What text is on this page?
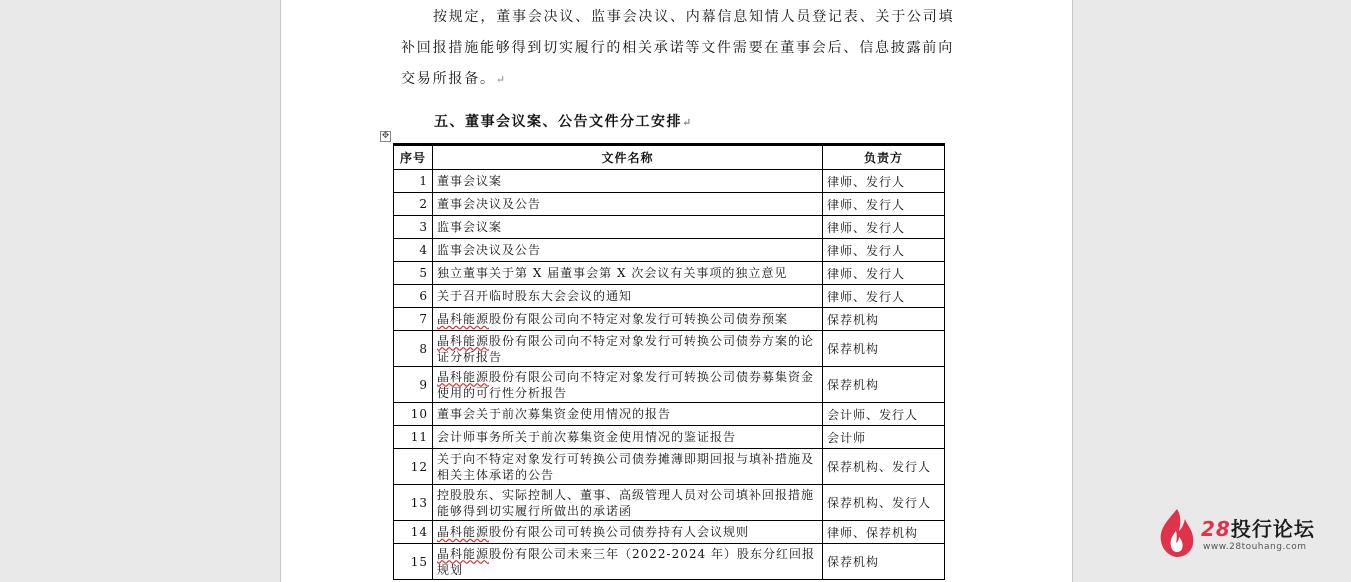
按规定，董事会决议、监事会决议、内幕信息知情人员登记表、关于公司填
补回报措施能够得到切实履行的相关承诺等文件需要在董事会后、信息披露前向
交易所报备。↵
五、董事会议案、公告文件分工安排↵
✥
序号	文件名称	负责方
1	董事会议案	律师、发行人
2	董事会决议及公告	律师、发行人
3	监事会议案	律师、发行人
4	监事会决议及公告	律师、发行人
5	独立董事关于第 X 届董事会第 X 次会议有关事项的独立意见	律师、发行人
6	关于召开临时股东大会会议的通知	律师、发行人
7	晶科能源股份有限公司向不特定对象发行可转换公司债券预案	保荐机构
8	晶科能源股份有限公司向不特定对象发行可转换公司债券方案的论证分析报告	保荐机构
9	晶科能源股份有限公司向不特定对象发行可转换公司债券募集资金使用的可行性分析报告	保荐机构
10	董事会关于前次募集资金使用情况的报告	会计师、发行人
11	会计师事务所关于前次募集资金使用情况的鉴证报告	会计师
12	关于向不特定对象发行可转换公司债券摊薄即期回报与填补措施及相关主体承诺的公告	保荐机构、发行人
13	控股股东、实际控制人、董事、高级管理人员对公司填补回报措施能够得到切实履行所做出的承诺函	保荐机构、发行人
14	晶科能源股份有限公司可转换公司债券持有人会议规则	律师、保荐机构
15	晶科能源股份有限公司未来三年（2022-2024 年）股东分红回报规划	保荐机构
28投行论坛
www.28touhang.com
